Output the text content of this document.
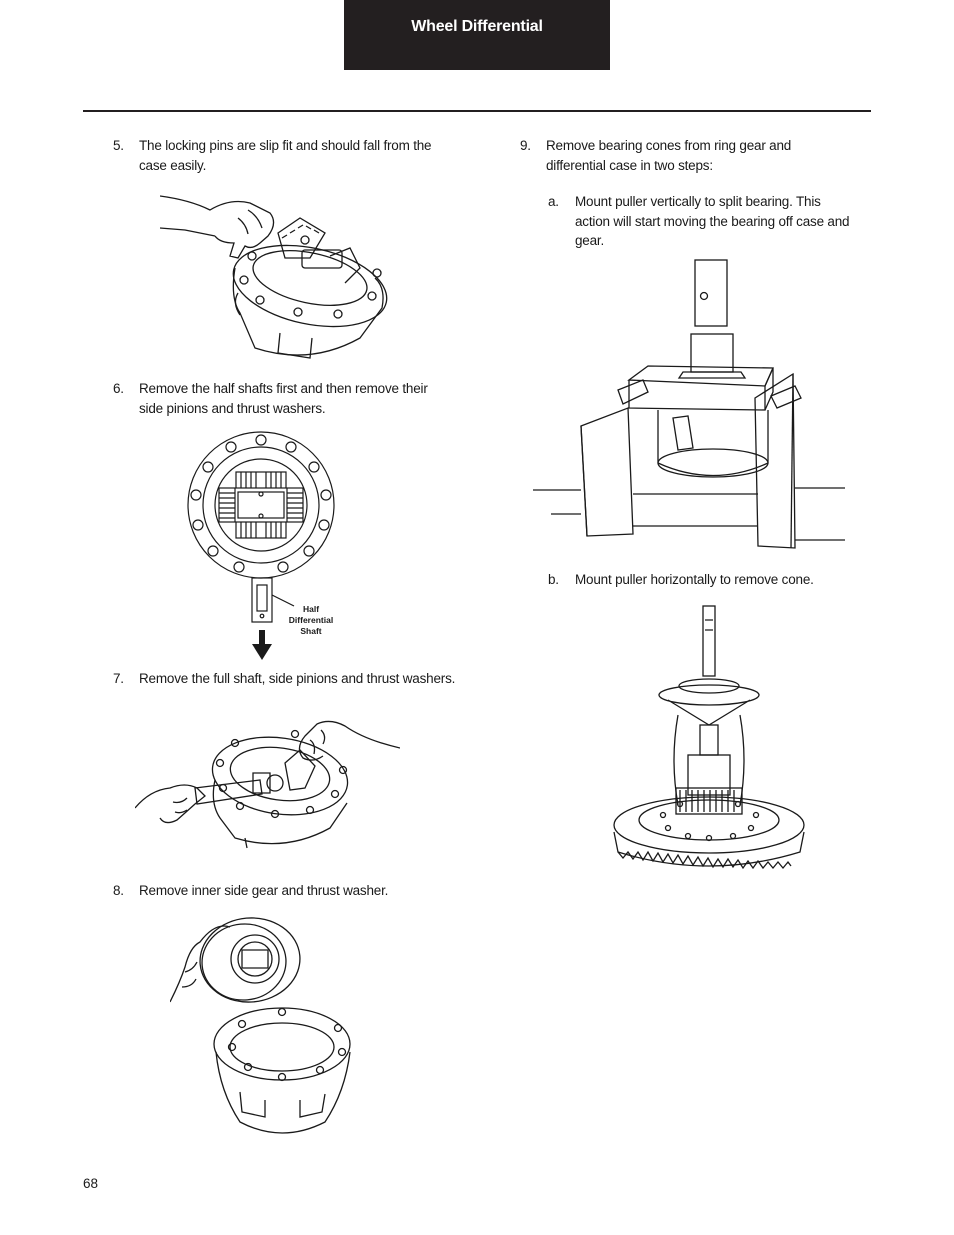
Wheel Differential
5. The locking pins are slip fit and should fall from the case easily.
6. Remove the half shafts first and then remove their side pinions and thrust washers.
Half
Differential
Shaft
7. Remove the full shaft, side pinions and thrust washers.
8. Remove inner side gear and thrust washer.
9. Remove bearing cones from ring gear and differential case in two steps:
a. Mount puller vertically to split bearing. This action will start moving the bearing off case and gear.
b. Mount puller horizontally to remove cone.
68
